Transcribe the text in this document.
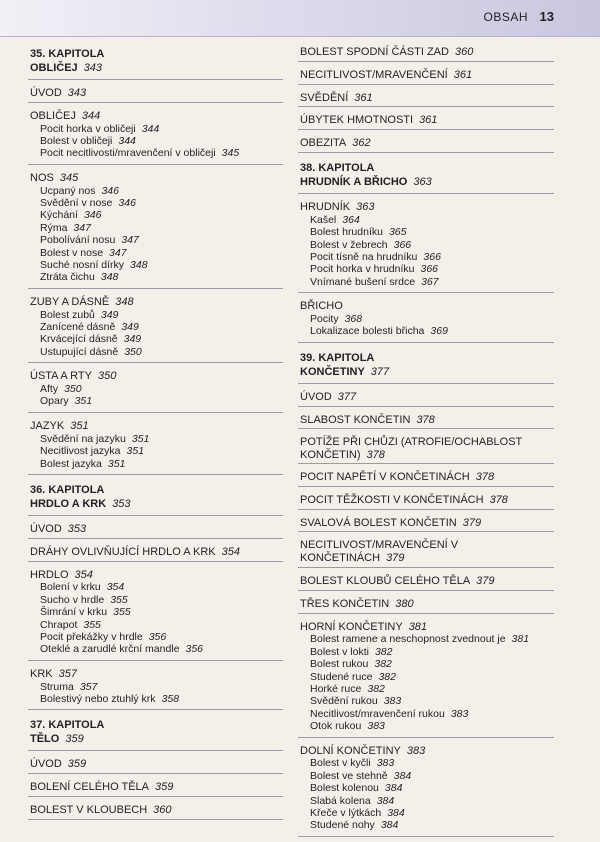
OBSAH 13
35. KAPITOLA
OBLIČEJ 343
ÚVOD 343
OBLIČEJ 344
Pocit horka v obličeji 344
Bolest v obličeji 344
Pocit necitlivosti/mravenčení v obličeji 345
NOS 345
Ucpaný nos 346
Svědění v nose 346
Kýchání 346
Rýma 347
Pobolívání nosu 347
Bolest v nose 347
Suché nosní dírky 348
Ztráta čichu 348
ZUBY A DÁSNĚ 348
Bolest zubů 349
Zanícené dásně 349
Krvácející dásně 349
Ustupující dásně 350
ÚSTA A RTY 350
Afty 350
Opary 351
JAZYK 351
Svědění na jazyku 351
Necitlivost jazyka 351
Bolest jazyka 351
36. KAPITOLA
HRDLO A KRK 353
ÚVOD 353
DRÁHY OVLIVŇUJÍCÍ HRDLO A KRK 354
HRDLO 354
Bolení v krku 354
Sucho v hrdle 355
Šimrání v krku 355
Chrapot 355
Pocit překážky v hrdle 356
Oteklé a zarudlé krční mandle 356
KRK 357
Struma 357
Bolestivý nebo ztuhlý krk 358
37. KAPITOLA
TĚLO 359
ÚVOD 359
BOLENÍ CELÉHO TĚLA 359
BOLEST V KLOUBECH 360
BOLEST SPODNÍ ČÁSTI ZAD 360
NECITLIVOST/MRAVENČENÍ 361
SVĚDĚNÍ 361
ÚBYTEK HMOTNOSTI 361
OBEZITA 362
38. KAPITOLA
HRUDNÍK A BŘICHO 363
HRUDNÍK 363
Kašel 364
Bolest hrudníku 365
Bolest v žebrech 366
Pocit tísně na hrudníku 366
Pocit horka v hrudníku 366
Vnímané bušení srdce 367
BŘICHO
Pocity 368
Lokalizace bolesti břicha 369
39. KAPITOLA
KONČETINY 377
ÚVOD 377
SLABOST KONČETIN 378
POTÍŽE PŘI CHŮZI (ATROFIE/OCHABLOST
KONČETIN) 378
POCIT NAPĚTÍ V KONČETINÁCH 378
POCIT TĚŽKOSTI V KONČETINÁCH 378
SVALOVÁ BOLEST KONČETIN 379
NECITLIVOST/MRAVENČENÍ V KONČETINÁCH 379
BOLEST KLOUBŮ CELÉHO TĚLA 379
TŘES KONČETIN 380
HORNÍ KONČETINY 381
Bolest ramene a neschopnost zvednout je 381
Bolest v lokti 382
Bolest rukou 382
Studené ruce 382
Horké ruce 382
Svědění rukou 383
Necitlivost/mravenčení rukou 383
Otok rukou 383
DOLNÍ KONČETINY 383
Bolest v kyčli 383
Bolest ve stehně 384
Bolest kolenou 384
Slabá kolena 384
Křeče v lýtkách 384
Studené nohy 384
